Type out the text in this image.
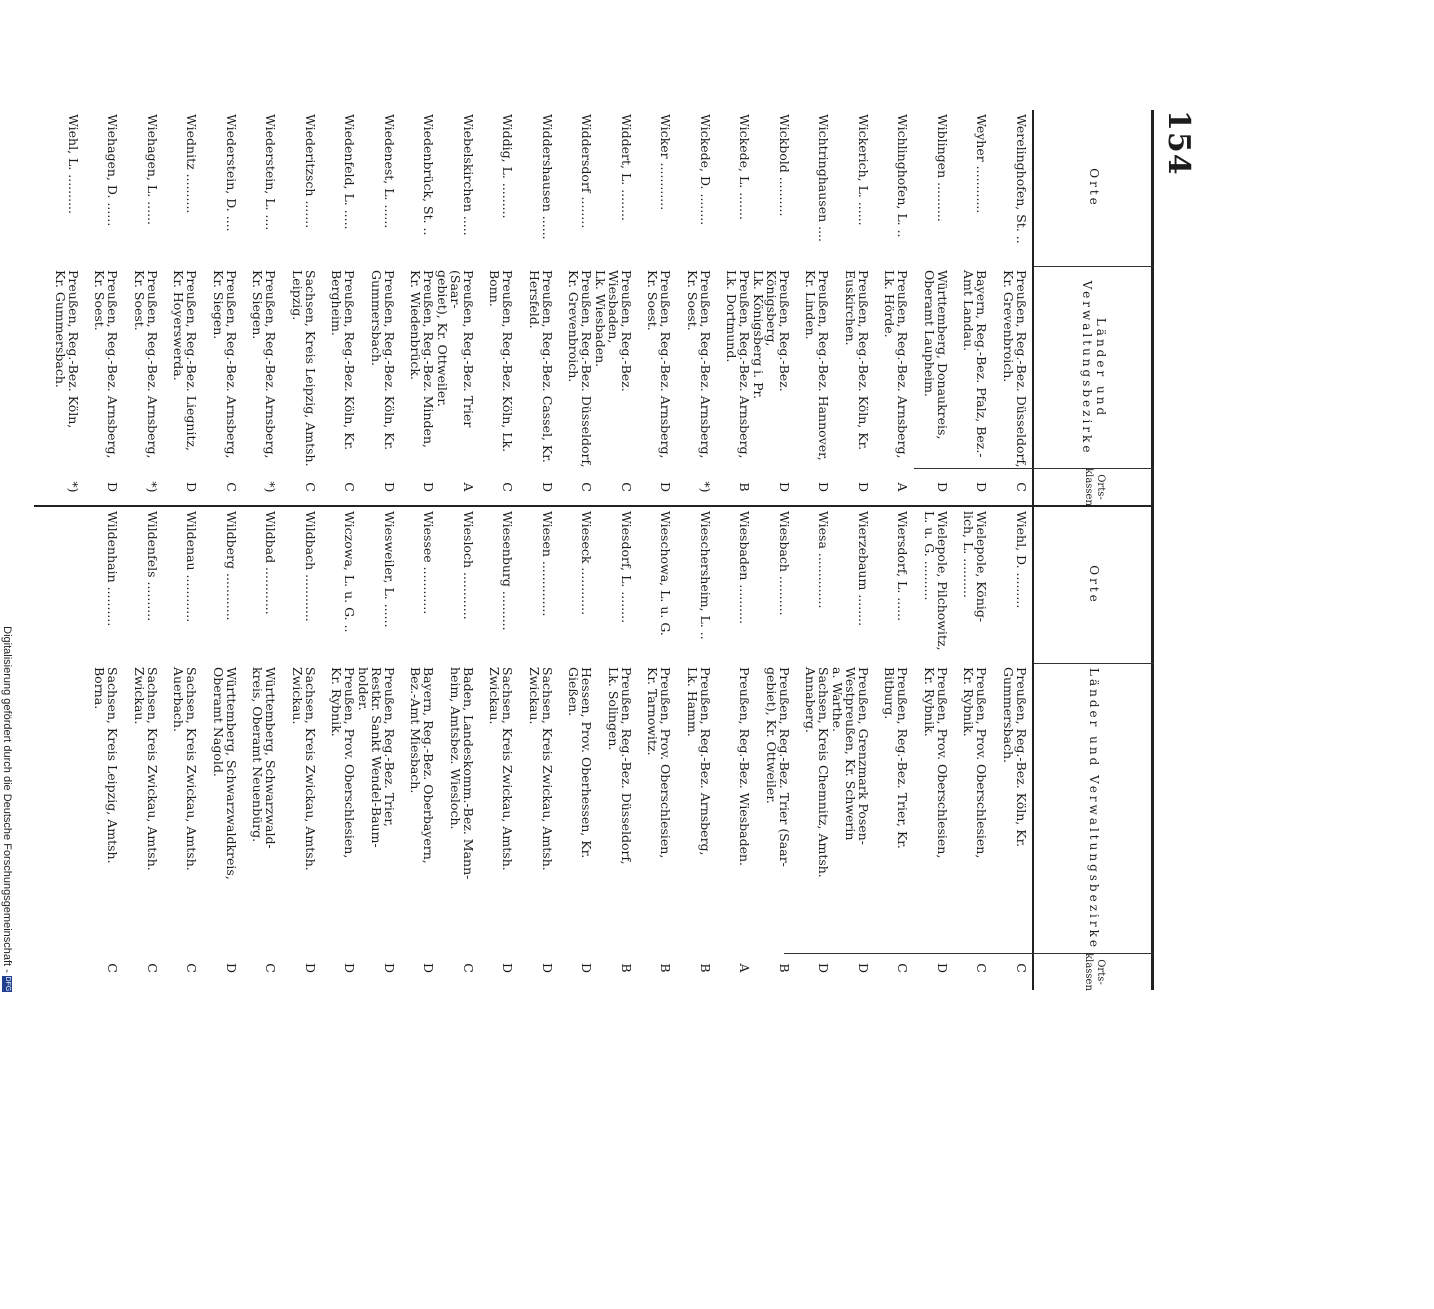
154
Orte
Länder und Verwaltungsbezirke
Orts-
klassen
Orte
Länder und Verwaltungsbezirke
Orts-
klassen
Werelinghofen, St. ..
Preußen, Reg.-Bez. Düsseldorf,
Kr. Grevenbroich.
C
Weyher ............
Bayern, Reg.-Bez. Pfalz, Bez.-
Amt Landau.
D
Wiblingen ..........
Württemberg, Donaukreis,
Oberamt Laupheim.
D
Wichlinghofen, L. ..
Preußen, Reg.-Bez. Arnsberg,
Lk. Hörde.
A
Wickerich, L. ......
Preußen, Reg.-Bez. Köln, Kr.
Euskirchen.
D
Wichtringhausen ....
Preußen, Reg.-Bez. Hannover,
Kr. Linden.
D
Wickbold ..........
Preußen, Reg.-Bez. Königsberg,
Lk. Königsberg i. Pr.
D
Wickede, L. .......
Preußen, Reg.-Bez. Arnsberg,
Lk. Dortmund.
B
Wickede, D. ........
Preußen, Reg.-Bez. Arnsberg,
Kr. Soest.
*)
Wicker ............
Preußen, Reg.-Bez. Arnsberg,
Kr. Soest.
D
Widdert, L. ........
Preußen, Reg.-Bez. Wiesbaden,
Lk. Wiesbaden.
C
Widdersdorf ........
Preußen, Reg.-Bez. Düsseldorf,
Kr. Grevenbroich.
C
Widdershausen ......
Preußen, Reg.-Bez. Cassel, Kr.
Hersfeld.
D
Widdig, L. .........
Preußen, Reg.-Bez. Köln, Lk.
Bonn.
C
Wiebelskirchen .....
Preußen, Reg.-Bez. Trier (Saar-
gebiet), Kr. Ottweiler.
A
Wiedenbrück, St. ..
Preußen, Reg.-Bez. Minden,
Kr. Wiedenbrück.
D
Wiedenest, L. ......
Preußen, Reg.-Bez. Köln, Kr.
Gummersbach.
D
Wiedenfeld, L. .....
Preußen, Reg.-Bez. Köln, Kr.
Bergheim.
C
Wiederitzsch .......
Sachsen, Kreis Leipzig, Amtsh.
Leipzig.
C
Wiederstein, L. ....
Preußen, Reg.-Bez. Arnsberg,
Kr. Siegen.
*)
Wiederstein, D. ....
Preußen, Reg.-Bez. Arnsberg,
Kr. Siegen.
C
Wiednitz ..........
Preußen, Reg.-Bez. Liegnitz,
Kr. Hoyerswerda.
D
Wiehagen, L. ......
Preußen, Reg.-Bez. Arnsberg,
Kr. Soest.
*)
Wiehagen, D. ......
Preußen, Reg.-Bez. Arnsberg,
Kr. Soest.
D
Wiehl, L. ..........
Preußen, Reg.-Bez. Köln,
Kr. Gummersbach.
*)
Wiehl, D. .........
Preußen, Reg.-Bez. Köln, Kr.
Gummersbach.
C
Wielepole, König-
lich, L. ..........
Preußen, Prov. Oberschlesien,
Kr. Rybnik.
C
Wielepole, Pilchowitz,
L. u. G. ..........
Preußen, Prov. Oberschlesien,
Kr. Rybnik.
D
Wiersdorf, L. ......
Preußen, Reg.-Bez. Trier, Kr.
Bitburg.
C
Wierzebaum ........
Preußen, Grenzmark Posen-
Westpreußen, Kr. Schwerin
a. Warthe.
D
Wiesa ..............
Sachsen, Kreis Chemnitz, Amtsh.
Annaberg.
D
Wiesbach ..........
Preußen, Reg.-Bez. Trier (Saar-
gebiet), Kr. Ottweiler.
B
Wiesbaden ..........
Preußen, Reg.-Bez. Wiesbaden.
A
Wieschersheim, L. ..
Preußen, Reg.-Bez. Arnsberg,
Lk. Hamm.
B
Wieschowa, L. u. G.
Preußen, Prov. Oberschlesien,
Kr. Tarnowitz.
B
Wiesdorf, L. ........
Preußen, Reg.-Bez. Düsseldorf,
Lk. Solingen.
B
Wieseck ............
Hessen, Prov. Oberhessen, Kr.
Gießen.
D
Wiesen ..............
Sachsen, Kreis Zwickau, Amtsh.
Zwickau.
D
Wiesenburg ..........
Sachsen, Kreis Zwickau, Amtsh.
Zwickau.
D
Wiesloch ............
Baden, Landeskomm.-Bez. Mann-
heim, Amtsbez. Wiesloch.
C
Wiessee ............
Bayern, Reg.-Bez. Oberbayern,
Bez.-Amt Miesbach.
D
Wiesweiler, L. ......
Preußen, Reg.-Bez. Trier,
Restkr. Sankt Wendel-Baum-
holder.
D
Wiczowa, L. u. G. ..
Preußen, Prov. Oberschlesien,
Kr. Rybnik.
D
Wildbach ............
Sachsen, Kreis Zwickau, Amtsh.
Zwickau.
D
Wildbad ............
Württemberg, Schwarzwald-
kreis, Oberamt Neuenbürg.
C
Wildberg ............
Württemberg, Schwarzwaldkreis,
Oberamt Nagold.
D
Wildenau ............
Sachsen, Kreis Zwickau, Amtsh.
Auerbach.
C
Wildenfels ..........
Sachsen, Kreis Zwickau, Amtsh.
Zwickau.
C
Wildenhain ..........
Sachsen, Kreis Leipzig, Amtsh.
Borna.
C
Digitalisierung gefördert durch die Deutsche Forschungsgemeinschaft -DFG
